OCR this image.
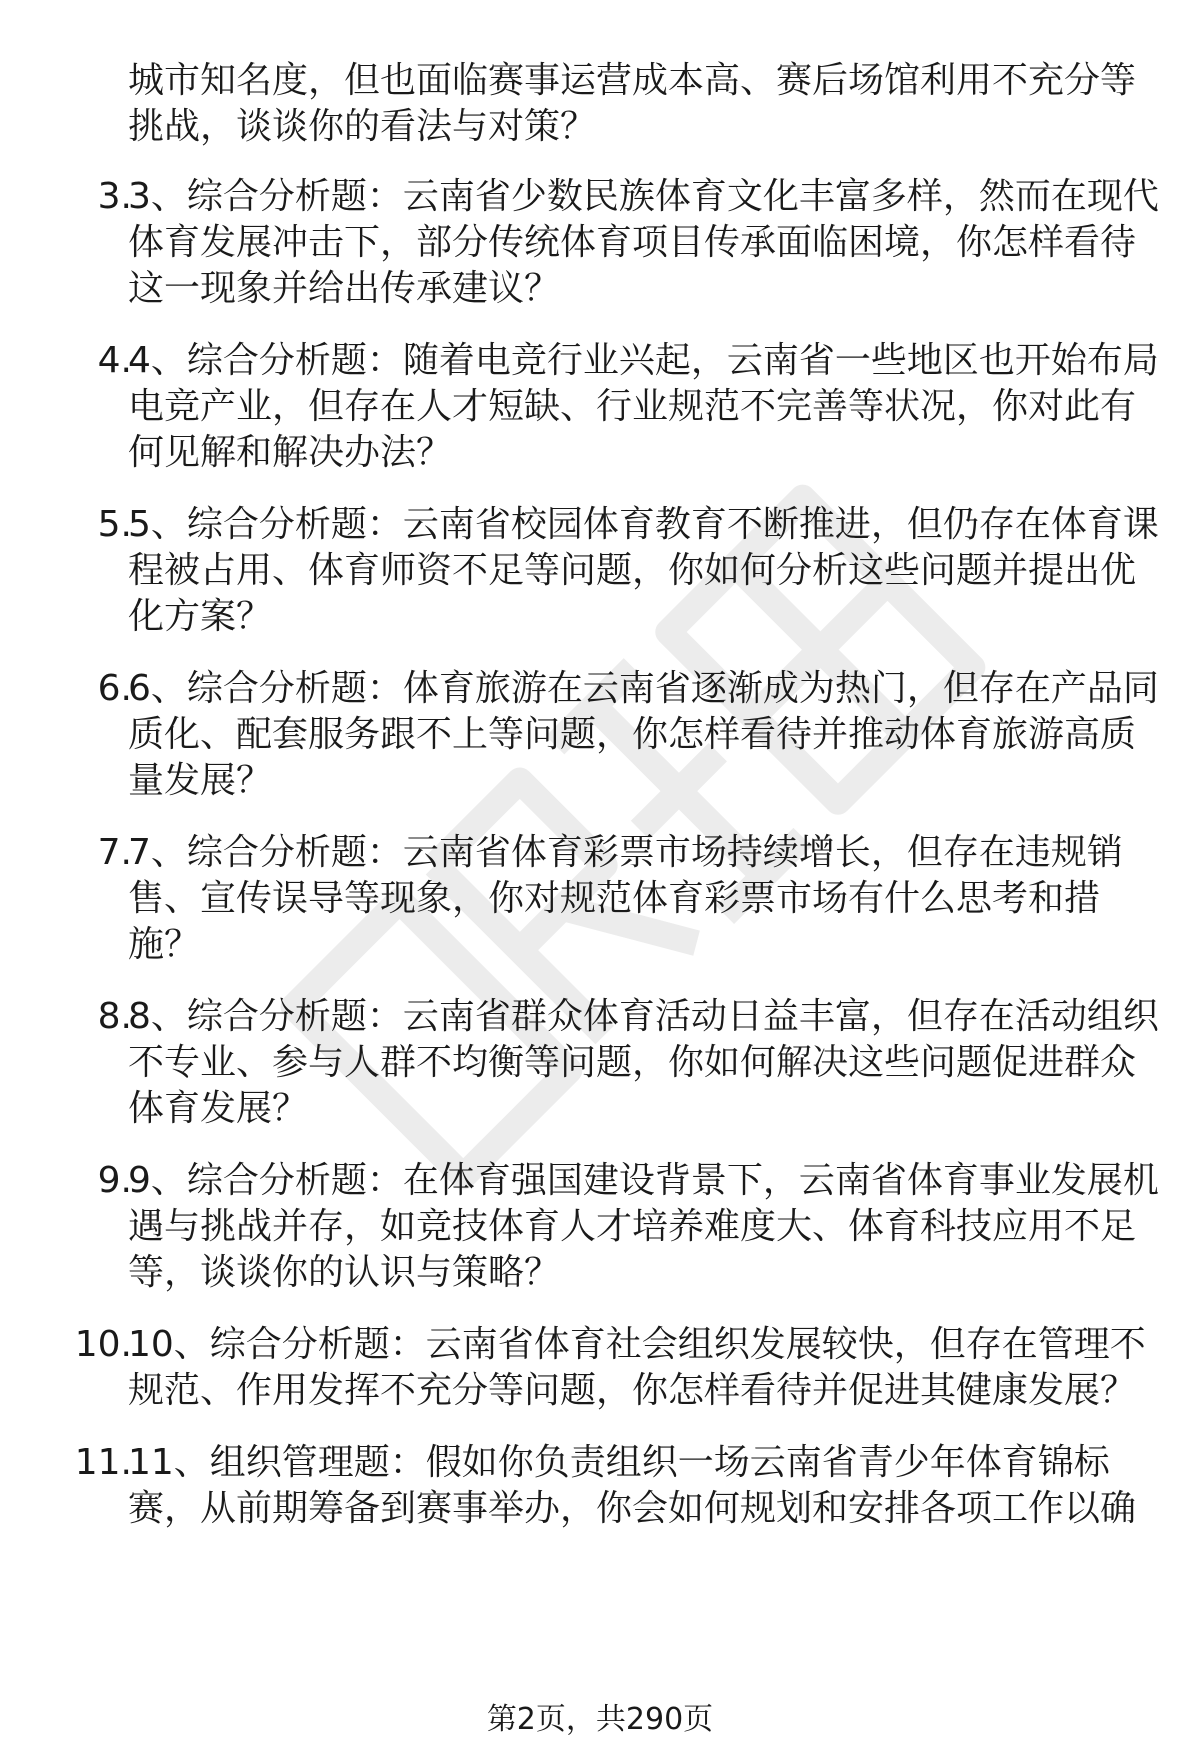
城市知名度，但也面临赛事运营成本高、赛后场馆利用不充分等挑战，谈谈你的看法与对策？

3.

3、综合分析题：云南省少数民族体育文化丰富多样，然而在现代体育发展冲击下，部分传统体育项目传承面临困境，你怎样看待这一现象并给出传承建议？

4.

4、综合分析题：随着电竞行业兴起，云南省一些地区也开始布局电竞产业，但存在人才短缺、行业规范不完善等状况，你对此有何见解和解决办法？

5.

5、综合分析题：云南省校园体育教育不断推进，但仍存在体育课程被占用、体育师资不足等问题，你如何分析这些问题并提出优化方案？

6.

6、综合分析题：体育旅游在云南省逐渐成为热门，但存在产品同质化、配套服务跟不上等问题，你怎样看待并推动体育旅游高质量发展？

7.

7、综合分析题：云南省体育彩票市场持续增长，但存在违规销售、宣传误导等现象，你对规范体育彩票市场有什么思考和措施？

8.

8、综合分析题：云南省群众体育活动日益丰富，但存在活动组织不专业、参与人群不均衡等问题，你如何解决这些问题促进群众体育发展？

9.

9、综合分析题：在体育强国建设背景下，云南省体育事业发展机遇与挑战并存，如竞技体育人才培养难度大、体育科技应用不足等，谈谈你的认识与策略？

10.

10、综合分析题：云南省体育社会组织发展较快，但存在管理不规范、作用发挥不充分等问题，你怎样看待并促进其健康发展？

11.

11、组织管理题：假如你负责组织一场云南省青少年体育锦标赛，从前期筹备到赛事举办，你会如何规划和安排各项工作以确

第2页，共290页
